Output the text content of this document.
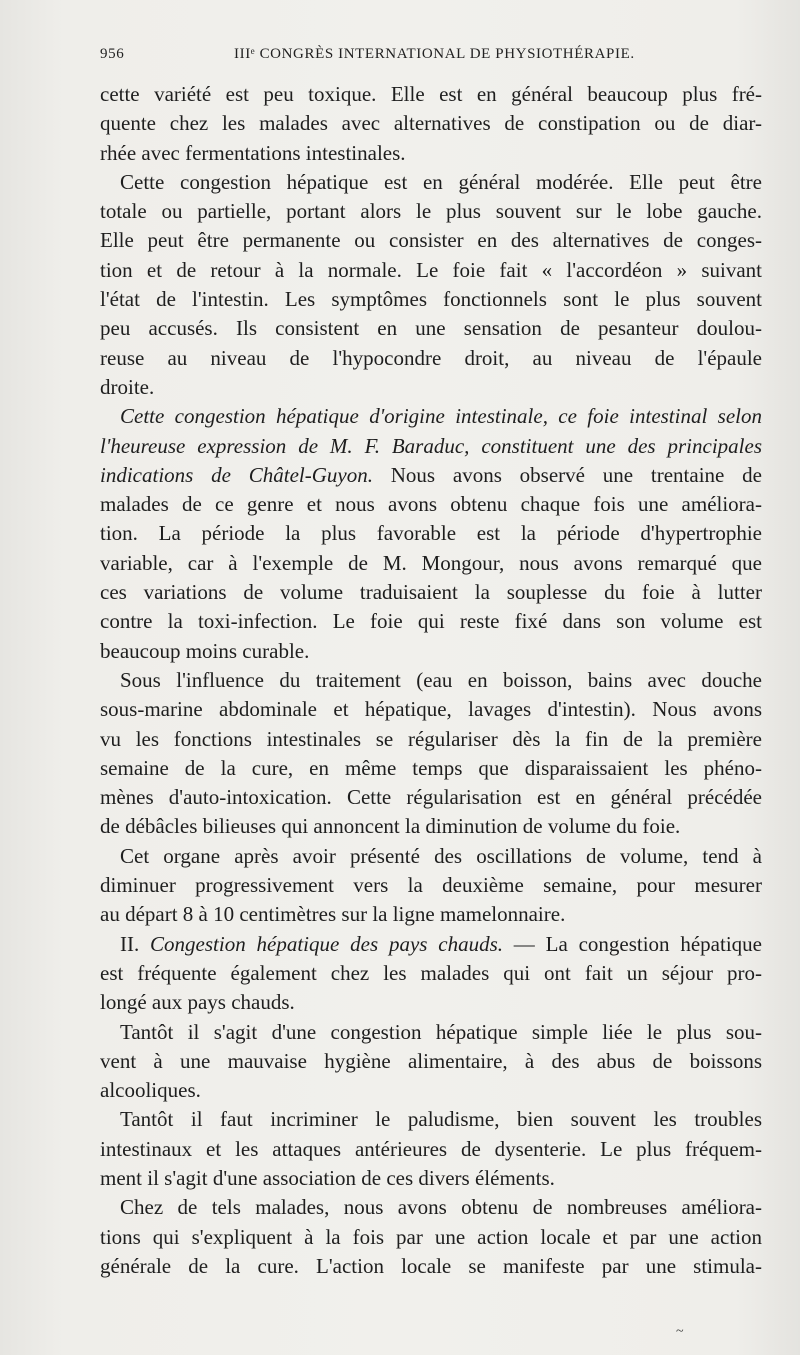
956	IIIᵉ CONGRÈS INTERNATIONAL DE PHYSIOTHÉRAPIE.

cette variété est peu toxique. Elle est en général beaucoup plus fré-
quente chez les malades avec alternatives de constipation ou de diar-
rhée avec fermentations intestinales.

Cette congestion hépatique est en général modérée. Elle peut être
totale ou partielle, portant alors le plus souvent sur le lobe gauche.
Elle peut être permanente ou consister en des alternatives de conges-
tion et de retour à la normale. Le foie fait « l'accordéon » suivant
l'état de l'intestin. Les symptômes fonctionnels sont le plus souvent
peu accusés. Ils consistent en une sensation de pesanteur doulou-
reuse au niveau de l'hypocondre droit, au niveau de l'épaule
droite.

Cette congestion hépatique d'origine intestinale, ce foie intestinal selon
l'heureuse expression de M. F. Baraduc, constituent une des principales
indications de Châtel-Guyon. Nous avons observé une trentaine de
malades de ce genre et nous avons obtenu chaque fois une améliora-
tion. La période la plus favorable est la période d'hypertrophie
variable, car à l'exemple de M. Mongour, nous avons remarqué que
ces variations de volume traduisaient la souplesse du foie à lutter
contre la toxi-infection. Le foie qui reste fixé dans son volume est
beaucoup moins curable.

Sous l'influence du traitement (eau en boisson, bains avec douche
sous-marine abdominale et hépatique, lavages d'intestin). Nous avons
vu les fonctions intestinales se régulariser dès la fin de la première
semaine de la cure, en même temps que disparaissaient les phéno-
mènes d'auto-intoxication. Cette régularisation est en général précédée
de débâcles bilieuses qui annoncent la diminution de volume du foie.

Cet organe après avoir présenté des oscillations de volume, tend à
diminuer progressivement vers la deuxième semaine, pour mesurer
au départ 8 à 10 centimètres sur la ligne mamelonnaire.

II. Congestion hépatique des pays chauds. — La congestion hépatique
est fréquente également chez les malades qui ont fait un séjour pro-
longé aux pays chauds.

Tantôt il s'agit d'une congestion hépatique simple liée le plus sou-
vent à une mauvaise hygiène alimentaire, à des abus de boissons
alcooliques.

Tantôt il faut incriminer le paludisme, bien souvent les troubles
intestinaux et les attaques antérieures de dysenterie. Le plus fréquem-
ment il s'agit d'une association de ces divers éléments.

Chez de tels malades, nous avons obtenu de nombreuses améliora-
tions qui s'expliquent à la fois par une action locale et par une action
générale de la cure. L'action locale se manifeste par une stimula-

~
